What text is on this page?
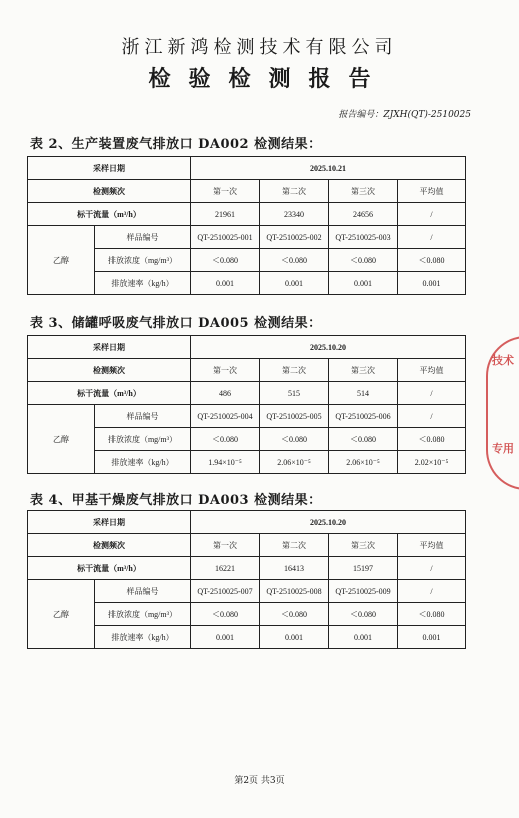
浙江新鸿检测技术有限公司
检验检测报告
报告编号：ZJXH(QT)-2510025
表 2、生产装置废气排放口 DA002 检测结果：
采样日期		2025.10.21			
检测频次		第一次	第二次	第三次	平均值
标干流量（m³/h）		21961	23340	24656	/
乙醇	样品编号	QT-2510025-001	QT-2510025-002	QT-2510025-003	/
	排放浓度（mg/m³）	＜0.080	＜0.080	＜0.080	＜0.080
	排放速率（kg/h）	0.001	0.001	0.001	0.001
表 3、储罐呼吸废气排放口 DA005 检测结果：
采样日期		2025.10.20			
检测频次		第一次	第二次	第三次	平均值
标干流量（m³/h）		486	515	514	/
乙醇	样品编号	QT-2510025-004	QT-2510025-005	QT-2510025-006	/
	排放浓度（mg/m³）	＜0.080	＜0.080	＜0.080	＜0.080
	排放速率（kg/h）	1.94×10⁻⁵	2.06×10⁻⁵	2.06×10⁻⁵	2.02×10⁻⁵
表 4、甲基干燥废气排放口 DA003 检测结果：
采样日期		2025.10.20			
检测频次		第一次	第二次	第三次	平均值
标干流量（m³/h）		16221	16413	15197	/
乙醇	样品编号	QT-2510025-007	QT-2510025-008	QT-2510025-009	/
	排放浓度（mg/m³）	＜0.080	＜0.080	＜0.080	＜0.080
	排放速率（kg/h）	0.001	0.001	0.001	0.001
技术
专用
第2页 共3页
